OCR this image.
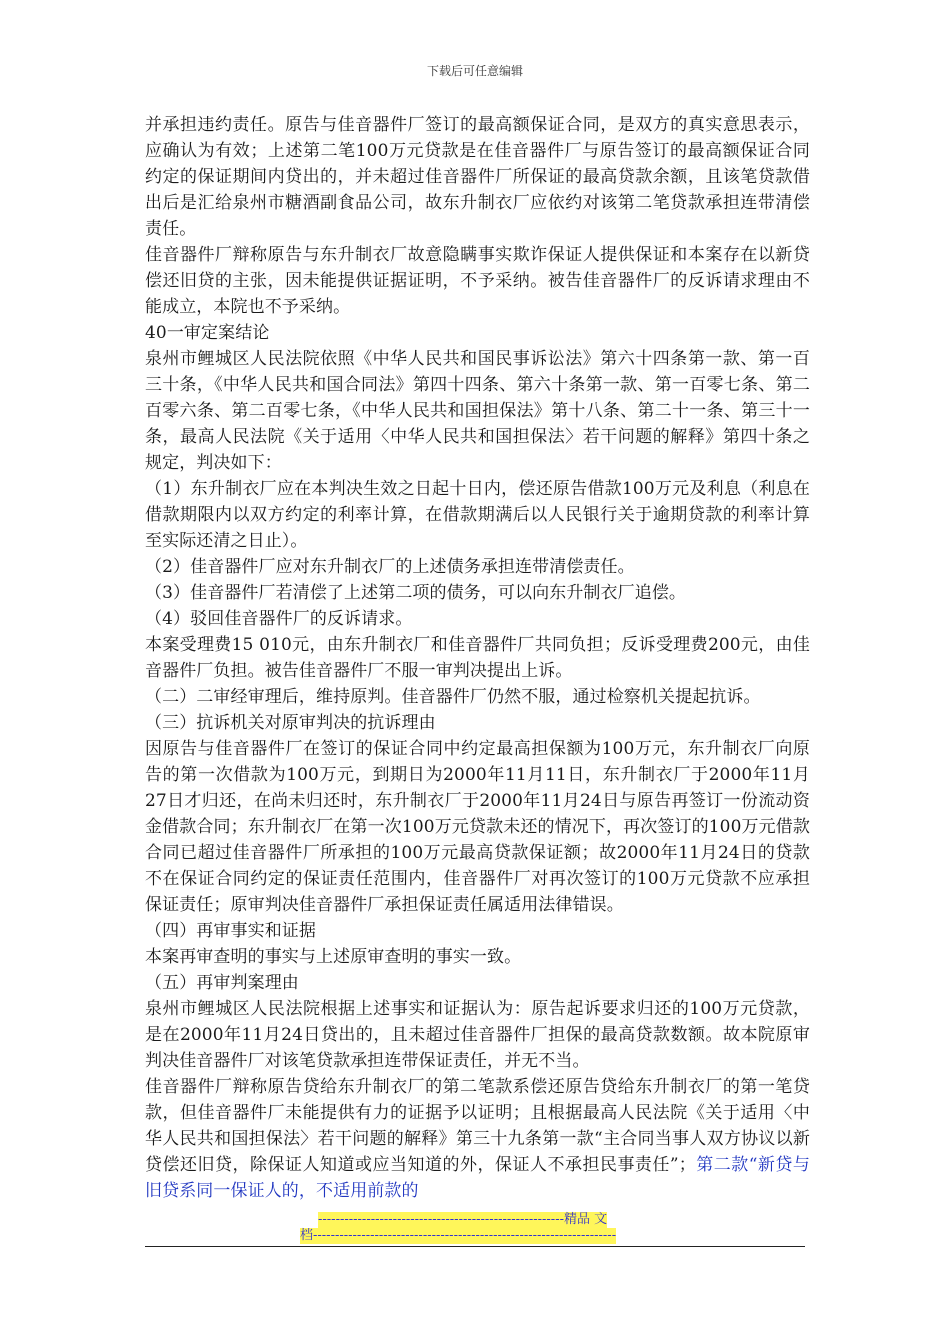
下载后可任意编辑

并承担违约责任。原告与佳音器件厂签订的最高额保证合同，是双方的真实意思表示，应确认为有效；上述第二笔100万元贷款是在佳音器件厂与原告签订的最高额保证合同约定的保证期间内贷出的，并未超过佳音器件厂所保证的最高贷款余额，且该笔贷款借出后是汇给泉州市糖酒副食品公司，故东升制衣厂应依约对该第二笔贷款承担连带清偿责任。

佳音器件厂辩称原告与东升制衣厂故意隐瞒事实欺诈保证人提供保证和本案存在以新贷偿还旧贷的主张，因未能提供证据证明，不予采纳。被告佳音器件厂的反诉请求理由不能成立，本院也不予采纳。

40一审定案结论

泉州市鲤城区人民法院依照《中华人民共和国民事诉讼法》第六十四条第一款、第一百三十条，《中华人民共和国合同法》第四十四条、第六十条第一款、第一百零七条、第二百零六条、第二百零七条，《中华人民共和国担保法》第十八条、第二十一条、第三十一条，最高人民法院《关于适用〈中华人民共和国担保法〉若干问题的解释》第四十条之规定，判决如下：

（1）东升制衣厂应在本判决生效之日起十日内，偿还原告借款100万元及利息（利息在借款期限内以双方约定的利率计算，在借款期满后以人民银行关于逾期贷款的利率计算至实际还清之日止）。

（2）佳音器件厂应对东升制衣厂的上述债务承担连带清偿责任。

（3）佳音器件厂若清偿了上述第二项的债务，可以向东升制衣厂追偿。

（4）驳回佳音器件厂的反诉请求。

本案受理费15 010元，由东升制衣厂和佳音器件厂共同负担；反诉受理费200元，由佳音器件厂负担。被告佳音器件厂不服一审判决提出上诉。

（二）二审经审理后，维持原判。佳音器件厂仍然不服，通过检察机关提起抗诉。

（三）抗诉机关对原审判决的抗诉理由

因原告与佳音器件厂在签订的保证合同中约定最高担保额为100万元，东升制衣厂向原告的第一次借款为100万元，到期日为2000年11月11日，东升制衣厂于2000年11月27日才归还，在尚未归还时，东升制衣厂于2000年11月24日与原告再签订一份流动资金借款合同；东升制衣厂在第一次100万元贷款未还的情况下，再次签订的100万元借款合同已超过佳音器件厂所承担的100万元最高贷款保证额；故2000年11月24日的贷款不在保证合同约定的保证责任范围内，佳音器件厂对再次签订的100万元贷款不应承担保证责任；原审判决佳音器件厂承担保证责任属适用法律错误。

（四）再审事实和证据

本案再审查明的事实与上述原审查明的事实一致。

（五）再审判案理由

泉州市鲤城区人民法院根据上述事实和证据认为：原告起诉要求归还的100万元贷款，是在2000年11月24日贷出的，且未超过佳音器件厂担保的最高贷款数额。故本院原审判决佳音器件厂对该笔贷款承担连带保证责任，并无不当。

佳音器件厂辩称原告贷给东升制衣厂的第二笔款系偿还原告贷给东升制衣厂的第一笔贷款，但佳音器件厂未能提供有力的证据予以证明；且根据最高人民法院《关于适用〈中华人民共和国担保法〉若干问题的解释》第三十九条第一款“主合同当事人双方协议以新贷偿还旧贷，除保证人知道或应当知道的外，保证人不承担民事责任”；第二款“新贷与旧贷系同一保证人的，不适用前款的

--------------------------------------------------------精品 文
档---------------------------------------------------------------------
